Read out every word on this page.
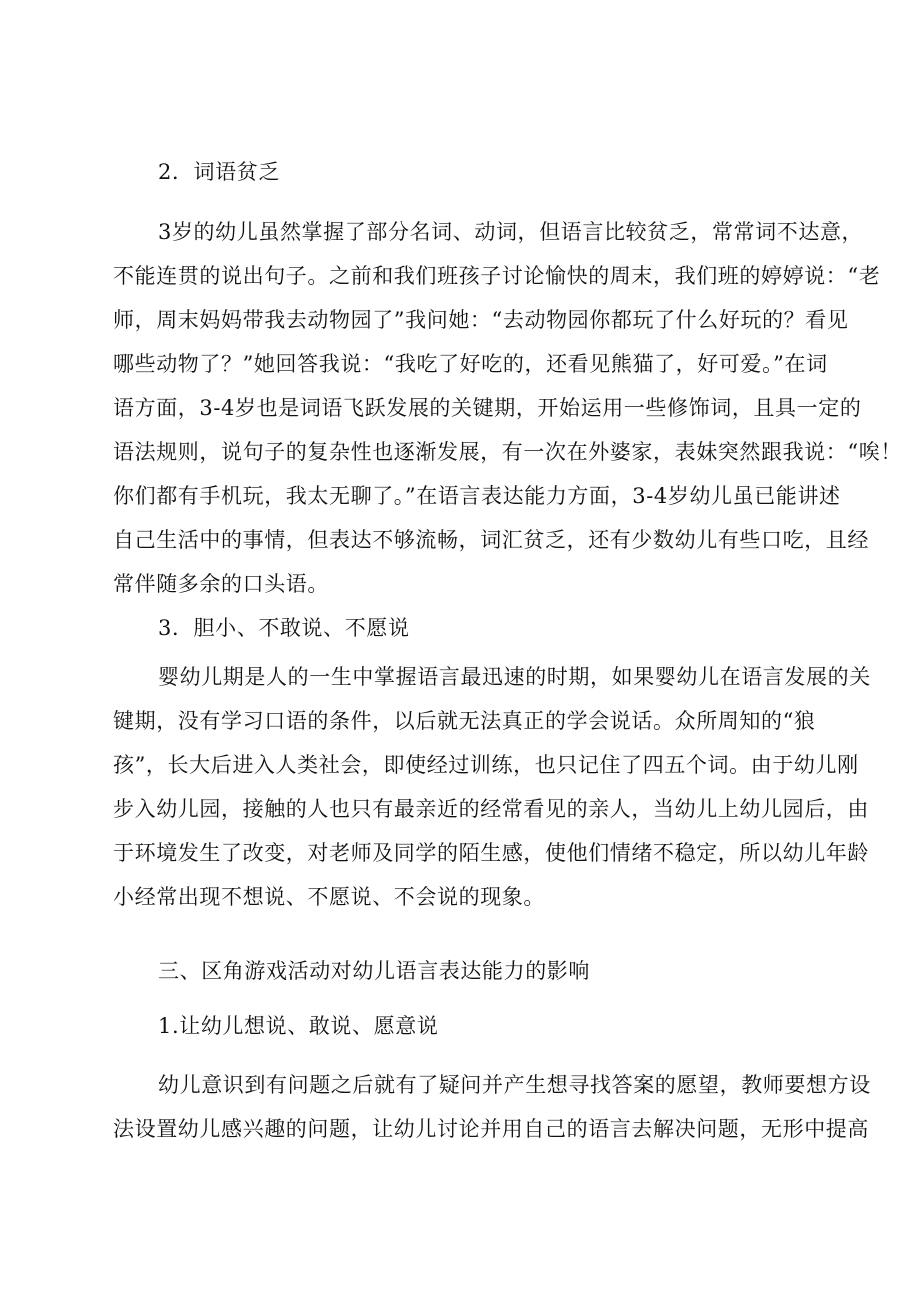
2．词语贫乏
3岁的幼儿虽然掌握了部分名词、动词，但语言比较贫乏，常常词不达意，
不能连贯的说出句子。之前和我们班孩子讨论愉快的周末，我们班的婷婷说：“老
师，周末妈妈带我去动物园了”我问她：“去动物园你都玩了什么好玩的？看见
哪些动物了？”她回答我说：“我吃了好吃的，还看见熊猫了，好可爱。”在词
语方面，3-4岁也是词语飞跃发展的关键期，开始运用一些修饰词，且具一定的
语法规则，说句子的复杂性也逐渐发展，有一次在外婆家，表妹突然跟我说：“唉！
你们都有手机玩，我太无聊了。”在语言表达能力方面，3-4岁幼儿虽已能讲述
自己生活中的事情，但表达不够流畅，词汇贫乏，还有少数幼儿有些口吃，且经
常伴随多余的口头语。
3．胆小、不敢说、不愿说
婴幼儿期是人的一生中掌握语言最迅速的时期，如果婴幼儿在语言发展的关
键期，没有学习口语的条件，以后就无法真正的学会说话。众所周知的“狼
孩”，长大后进入人类社会，即使经过训练，也只记住了四五个词。由于幼儿刚
步入幼儿园，接触的人也只有最亲近的经常看见的亲人，当幼儿上幼儿园后，由
于环境发生了改变，对老师及同学的陌生感，使他们情绪不稳定，所以幼儿年龄
小经常出现不想说、不愿说、不会说的现象。
三、区角游戏活动对幼儿语言表达能力的影响
1.让幼儿想说、敢说、愿意说
幼儿意识到有问题之后就有了疑问并产生想寻找答案的愿望，教师要想方设
法设置幼儿感兴趣的问题，让幼儿讨论并用自己的语言去解决问题，无形中提高
